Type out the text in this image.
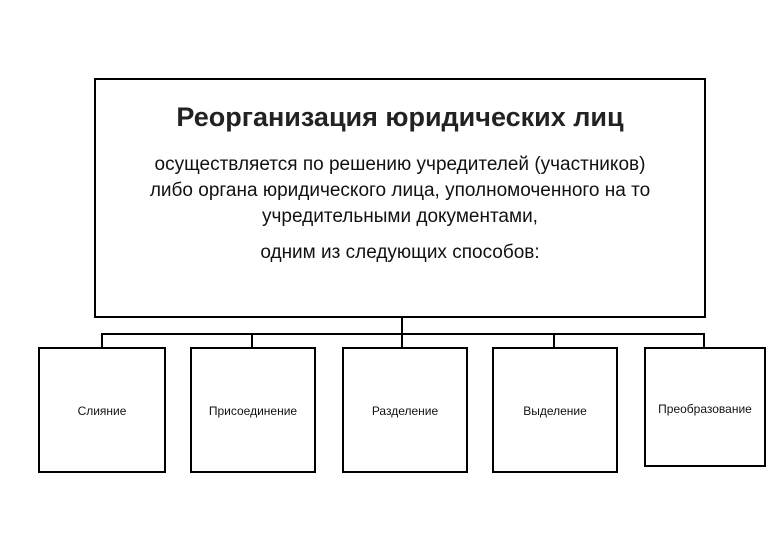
Реорганизация юридических лиц
осуществляется по решению учредителей (участников)
либо органа юридического лица, уполномоченного на то
учредительными документами,
одним из следующих способов:
Слияние	Присоединение	Разделение	Выделение	Преобразование
